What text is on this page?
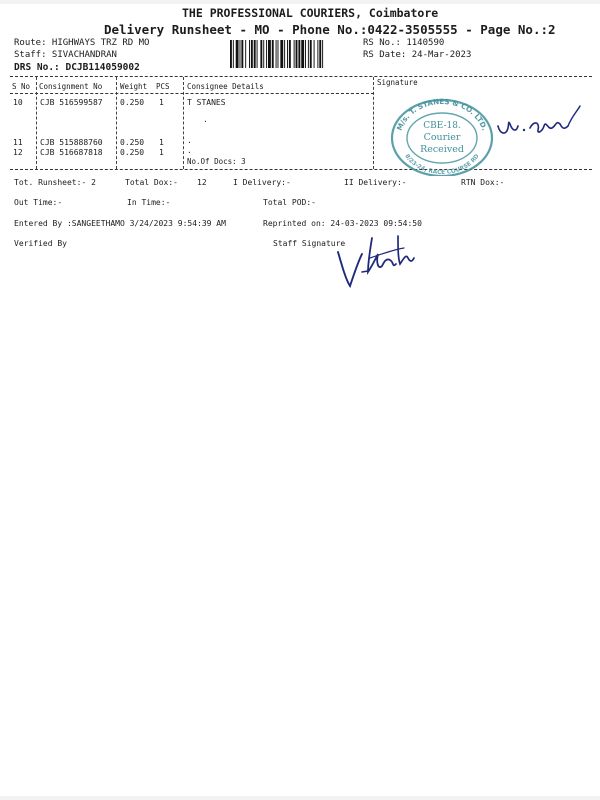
THE PROFESSIONAL COURIERS, Coimbatore
Delivery Runsheet - MO - Phone No.:0422-3505555 - Page No.:2
Route: HIGHWAYS TRZ RD MO
Staff: SIVACHANDRAN
DRS No.: DCJB114059002
RS No.: 1140590
RS Date: 24-Mar-2023
S No Consignment No Weight PCS Consignee Details	Signature
10 CJB 516599587 0.250 1	T STANES
.
11 CJB 515888760 0.250 1	.
12 CJB 516687818 0.250 1	.
No.Of Docs: 3
M/s. T. STANES & CO. LTD.
8/23-24, RACE COURSE RD
CBE-18.
Courier
Received
Tot. Runsheet:- 2	Total Dox:- 12	I Delivery:-	II Delivery:-	RTN Dox:-
Out Time:-	In Time:-	Total POD:-
Entered By :SANGEETHAMO 3/24/2023 9:54:39 AM	Reprinted on: 24-03-2023 09:54:50
Verified By	Staff Signature
